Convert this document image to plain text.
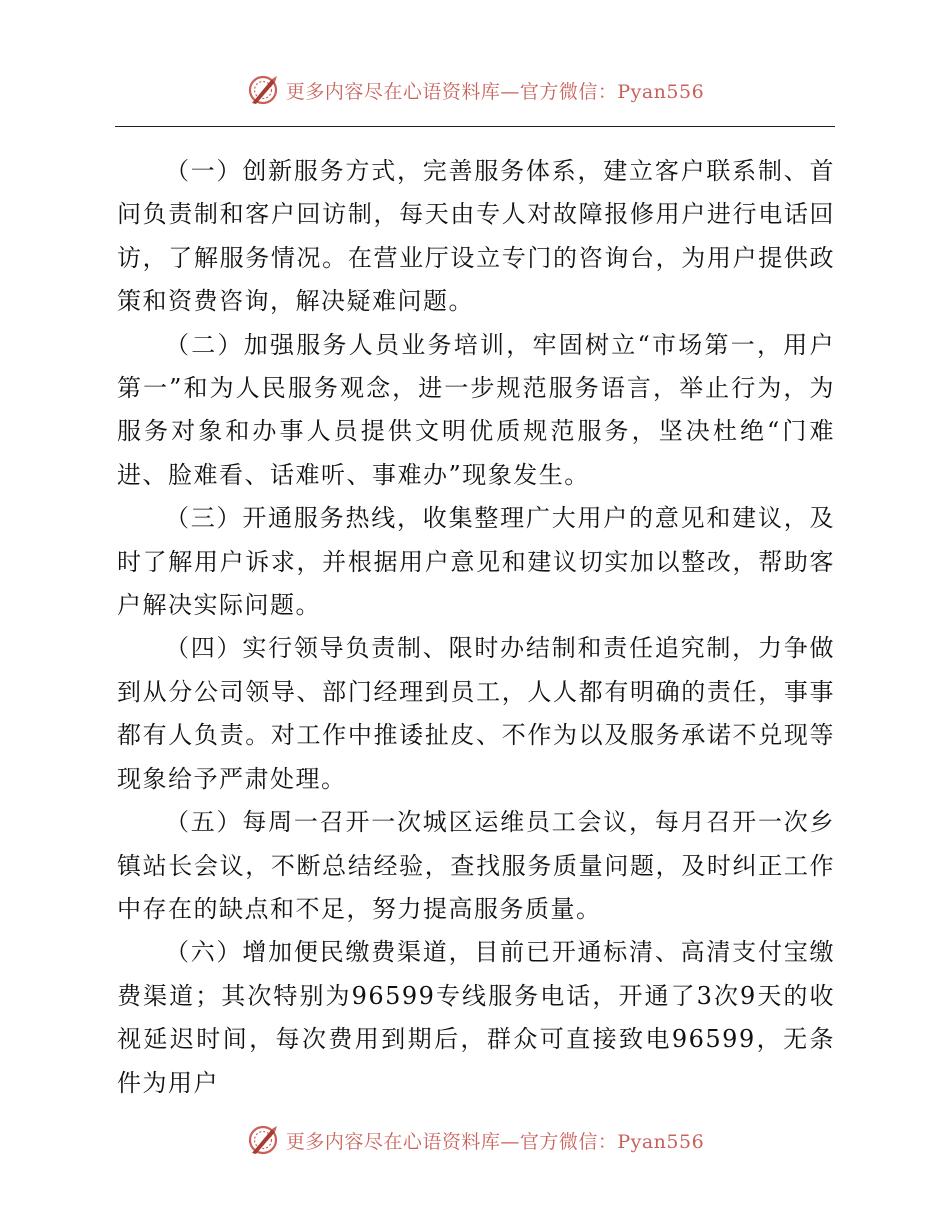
更多内容尽在心语资料库—官方微信：Pyan556

（一）创新服务方式，完善服务体系，建立客户联系制、首问负责制和客户回访制，每天由专人对故障报修用户进行电话回访，了解服务情况。在营业厅设立专门的咨询台，为用户提供政策和资费咨询，解决疑难问题。

（二）加强服务人员业务培训，牢固树立“市场第一，用户第一”和为人民服务观念，进一步规范服务语言，举止行为，为服务对象和办事人员提供文明优质规范服务，坚决杜绝“门难进、脸难看、话难听、事难办”现象发生。

（三）开通服务热线，收集整理广大用户的意见和建议，及时了解用户诉求，并根据用户意见和建议切实加以整改，帮助客户解决实际问题。

（四）实行领导负责制、限时办结制和责任追究制，力争做到从分公司领导、部门经理到员工，人人都有明确的责任，事事都有人负责。对工作中推诿扯皮、不作为以及服务承诺不兑现等现象给予严肃处理。

（五）每周一召开一次城区运维员工会议，每月召开一次乡镇站长会议，不断总结经验，查找服务质量问题，及时纠正工作中存在的缺点和不足，努力提高服务质量。

（六）增加便民缴费渠道，目前已开通标清、高清支付宝缴费渠道；其次特别为96599专线服务电话，开通了3次9天的收视延迟时间，每次费用到期后，群众可直接致电96599，无条件为用户

更多内容尽在心语资料库—官方微信：Pyan556
